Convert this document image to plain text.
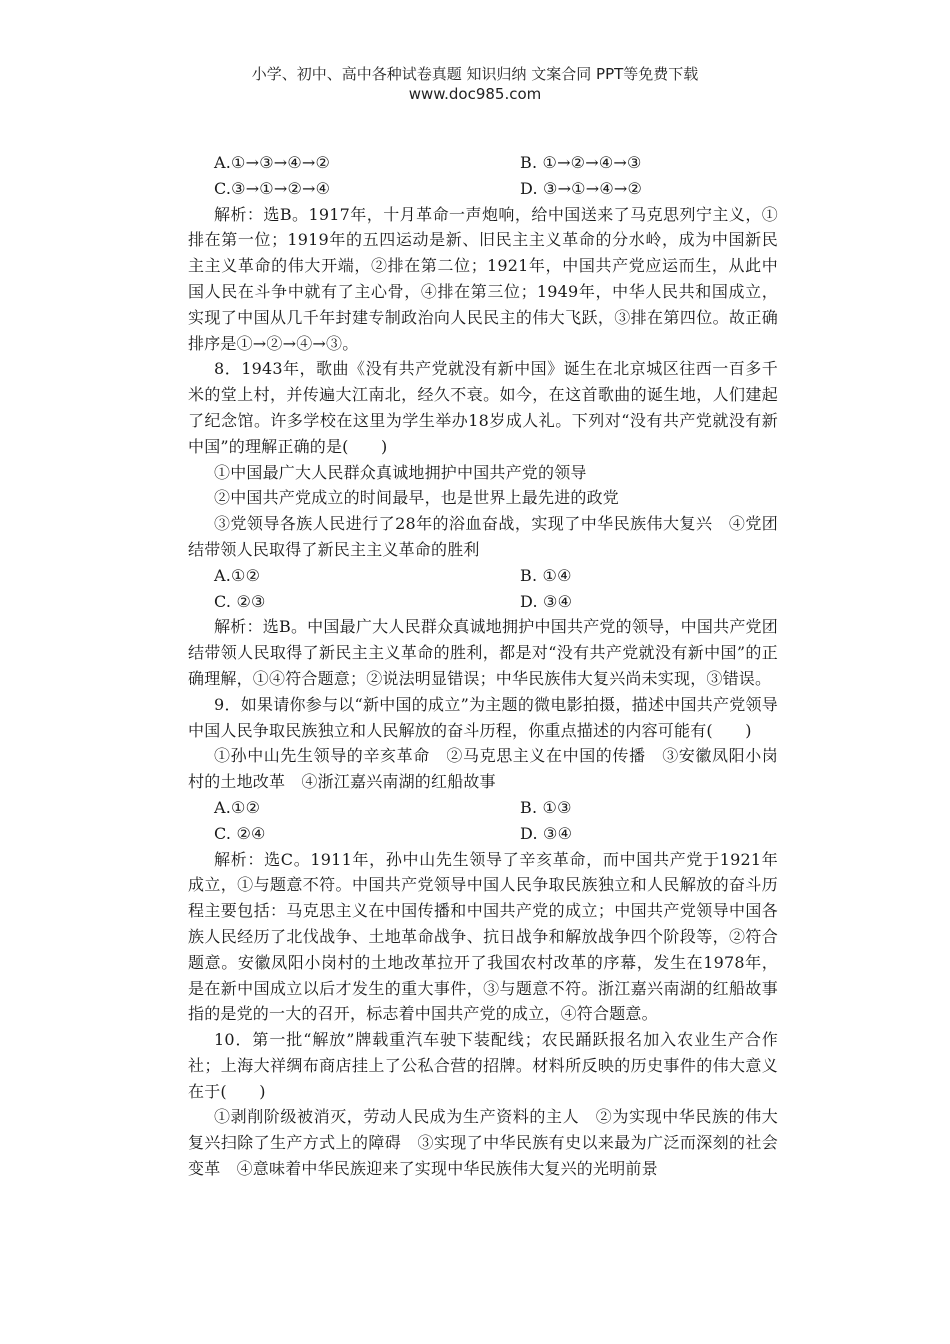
小学、初中、高中各种试卷真题 知识归纳 文案合同 PPT等免费下载
www.doc985.com
A.①→③→④→②	B. ①→②→④→③
C.③→①→②→④	D. ③→①→④→②

解析：选B。1917年，十月革命一声炮响，给中国送来了马克思列宁主义，①排在第一位；1919年的五四运动是新、旧民主主义革命的分水岭，成为中国新民主主义革命的伟大开端，②排在第二位；1921年，中国共产党应运而生，从此中国人民在斗争中就有了主心骨，④排在第三位；1949年，中华人民共和国成立，实现了中国从几千年封建专制政治向人民民主的伟大飞跃，③排在第四位。故正确排序是①→②→④→③。

8．1943年，歌曲《没有共产党就没有新中国》诞生在北京城区往西一百多千米的堂上村，并传遍大江南北，经久不衰。如今，在这首歌曲的诞生地，人们建起了纪念馆。许多学校在这里为学生举办18岁成人礼。下列对“没有共产党就没有新中国”的理解正确的是(　　)

①中国最广大人民群众真诚地拥护中国共产党的领导

②中国共产党成立的时间最早，也是世界上最先进的政党

③党领导各族人民进行了28年的浴血奋战，实现了中华民族伟大复兴　④党团结带领人民取得了新民主主义革命的胜利

A.①②	B. ①④
C. ②③	D. ③④

解析：选B。中国最广大人民群众真诚地拥护中国共产党的领导，中国共产党团结带领人民取得了新民主主义革命的胜利，都是对“没有共产党就没有新中国”的正确理解，①④符合题意；②说法明显错误；中华民族伟大复兴尚未实现，③错误。

9．如果请你参与以“新中国的成立”为主题的微电影拍摄，描述中国共产党领导中国人民争取民族独立和人民解放的奋斗历程，你重点描述的内容可能有(　　)

①孙中山先生领导的辛亥革命　②马克思主义在中国的传播　③安徽凤阳小岗村的土地改革　④浙江嘉兴南湖的红船故事

A.①②	B. ①③
C. ②④	D. ③④

解析：选C。1911年，孙中山先生领导了辛亥革命，而中国共产党于1921年成立，①与题意不符。中国共产党领导中国人民争取民族独立和人民解放的奋斗历程主要包括：马克思主义在中国传播和中国共产党的成立；中国共产党领导中国各族人民经历了北伐战争、土地革命战争、抗日战争和解放战争四个阶段等，②符合题意。安徽凤阳小岗村的土地改革拉开了我国农村改革的序幕，发生在1978年，是在新中国成立以后才发生的重大事件，③与题意不符。浙江嘉兴南湖的红船故事指的是党的一大的召开，标志着中国共产党的成立，④符合题意。

10．第一批“解放”牌载重汽车驶下装配线；农民踊跃报名加入农业生产合作社；上海大祥绸布商店挂上了公私合营的招牌。材料所反映的历史事件的伟大意义在于(　　)

①剥削阶级被消灭，劳动人民成为生产资料的主人　②为实现中华民族的伟大复兴扫除了生产方式上的障碍　③实现了中华民族有史以来最为广泛而深刻的社会变革　④意味着中华民族迎来了实现中华民族伟大复兴的光明前景
